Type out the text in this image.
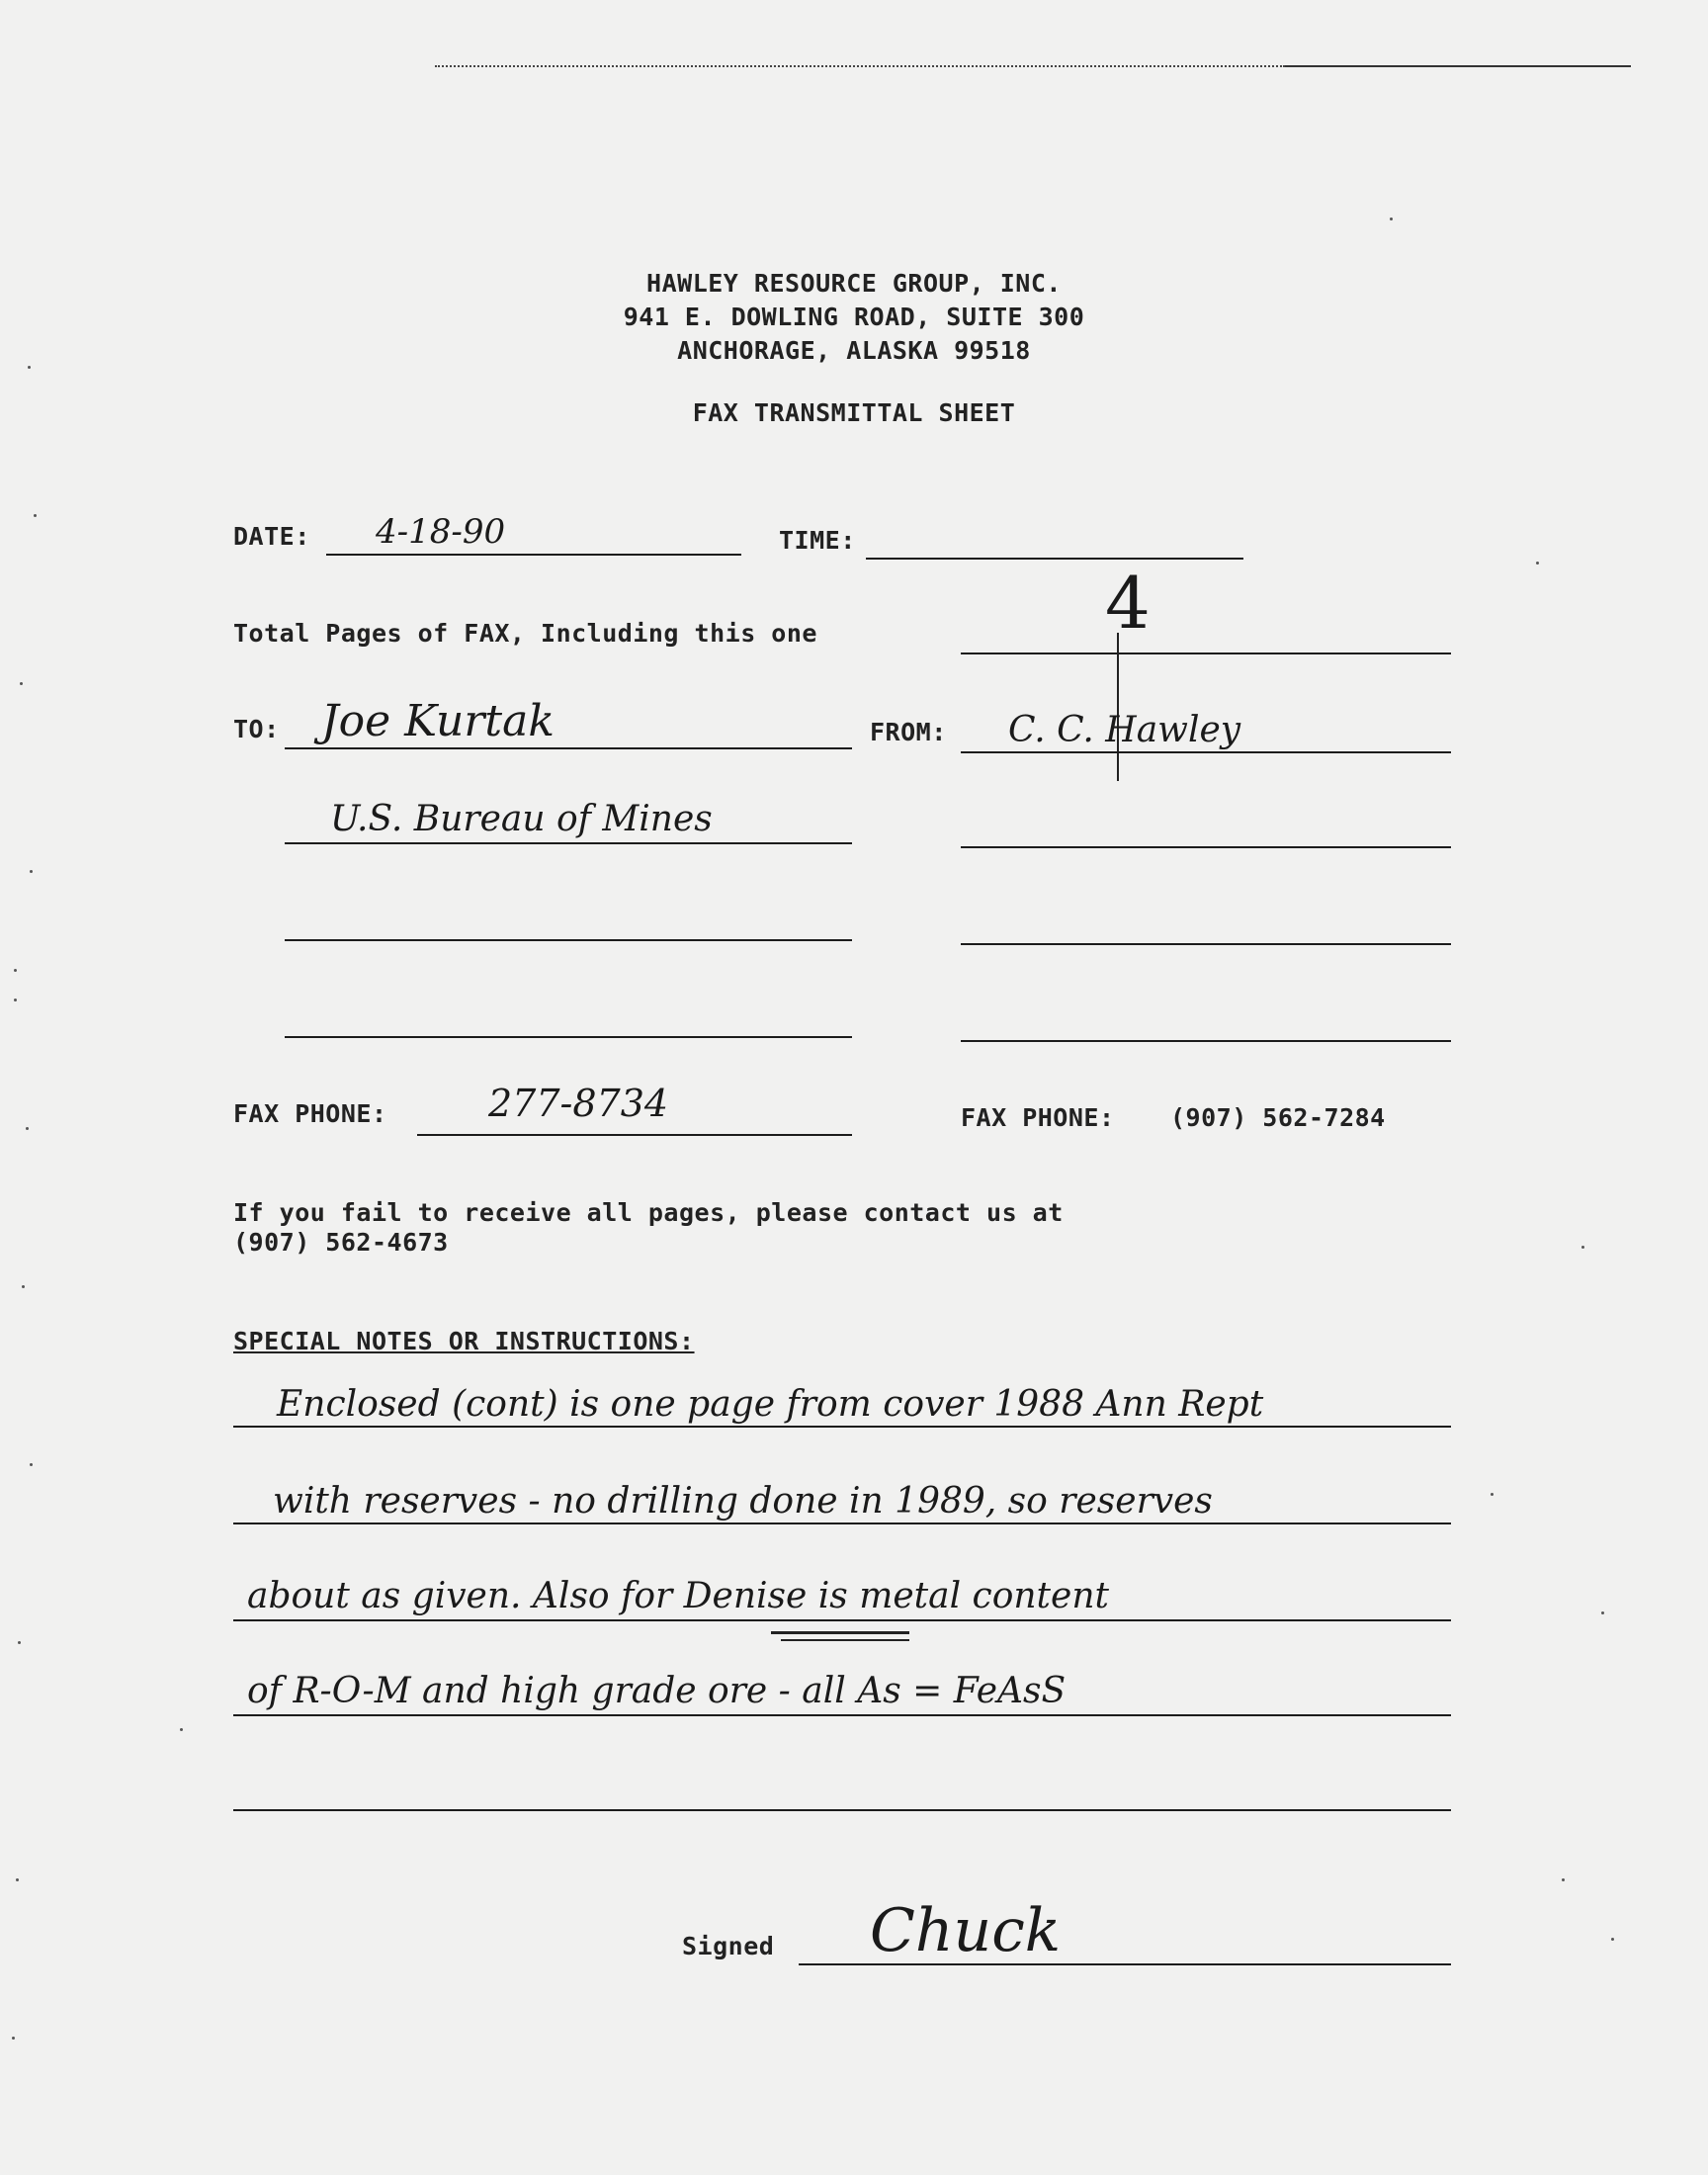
HAWLEY RESOURCE GROUP, INC.
941 E. DOWLING ROAD, SUITE 300
ANCHORAGE, ALASKA 99518
FAX TRANSMITTAL SHEET
DATE: 4-18-90	TIME:
Total Pages of FAX, Including this one	4
TO: Joe Kurtak	FROM: C. C. Hawley
U.S. Bureau of Mines
FAX PHONE:	277-8734	FAX PHONE: (907) 562-7284
If you fail to receive all pages, please contact us at
(907) 562-4673
SPECIAL NOTES OR INSTRUCTIONS:
Enclosed (cont) is one page from cover 1988 Ann Rept
with reserves - no drilling done in 1989, so reserves
about as given. Also for Denise is metal content
of R-O-M and high grade ore - all As = FeAsS
Signed Chuck
